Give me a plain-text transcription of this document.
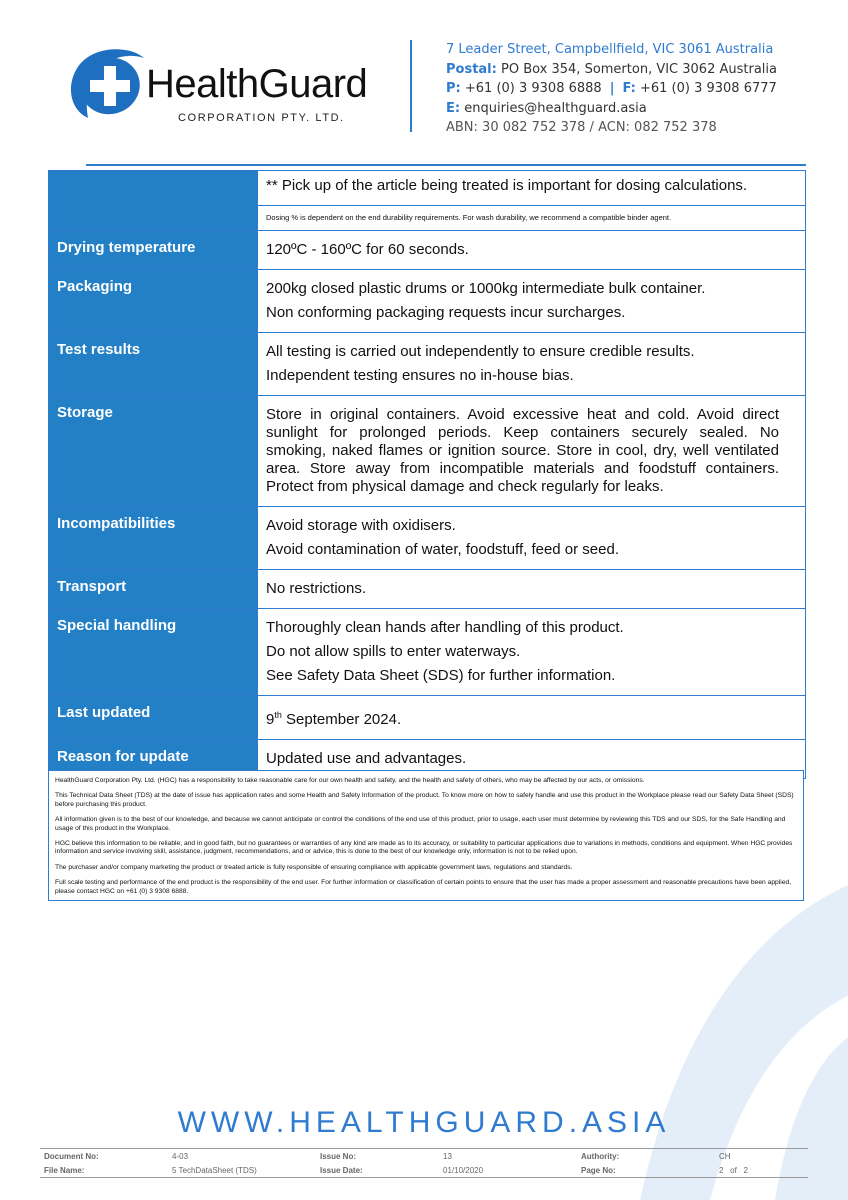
HealthGuard
CORPORATION PTY. LTD.
7 Leader Street, Campbellfield, VIC 3061 Australia
Postal: PO Box 354, Somerton, VIC 3062 Australia
P: +61 (0) 3 9308 6888 | F: +61 (0) 3 9308 6777
E: enquiries@healthguard.asia
ABN: 30 082 752 378 / ACN: 082 752 378

	** Pick up of the article being treated is important for dosing calculations.

	Dosing % is dependent on the end durability requirements. For wash durability, we recommend a compatible binder agent.

Drying temperature	120ºC - 160ºC for 60 seconds.

Packaging	200kg closed plastic drums or 1000kg intermediate bulk container.
Non conforming packaging requests incur surcharges.

Test results	All testing is carried out independently to ensure credible results.
Independent testing ensures no in-house bias.

Storage	Store in original containers. Avoid excessive heat and cold. Avoid direct sunlight for prolonged periods. Keep containers securely sealed. No smoking, naked flames or ignition source. Store in cool, dry, well ventilated area. Store away from incompatible materials and foodstuff containers. Protect from physical damage and check regularly for leaks.

Incompatibilities	Avoid storage with oxidisers.
Avoid contamination of water, foodstuff, feed or seed.

Transport	No restrictions.

Special handling	Thoroughly clean hands after handling of this product.
Do not allow spills to enter waterways.
See Safety Data Sheet (SDS) for further information.

Last updated	9th September 2024.

Reason for update	Updated use and advantages.

HealthGuard Corporation Pty. Ltd. (HGC) has a responsibility to take reasonable care for our own health and safety, and the health and safety of others, who may be affected by our acts, or omissions.

This Technical Data Sheet (TDS) at the date of issue has application rates and some Health and Safety Information of the product. To know more on how to safely handle and use this product in the Workplace please read our Safety Data Sheet (SDS) before purchasing this product.

All information given is to the best of our knowledge, and because we cannot anticipate or control the conditions of the end use of this product, prior to usage, each user must determine by reviewing this TDS and our SDS, for the Safe Handling and usage of this product in the Workplace.

HGC believe this information to be reliable, and in good faith, but no guarantees or warranties of any kind are made as to its accuracy, or suitability to particular applications due to variations in methods, conditions and equipment. When HGC provides information and service involving skill, assistance, judgment, recommendations, and or advice, this is done to the best of our knowledge only, information is not to be relied upon.

The purchaser and/or company marketing the product or treated article is fully responsible of ensuring compliance with applicable government laws, regulations and standards.

Full scale testing and performance of the end product is the responsibility of the end user. For further information or classification of certain points to ensure that the user has made a proper assessment and reasonable precautions have been applied, please contact HGC on +61 (0) 3 9308 6888.

WWW.HEALTHGUARD.ASIA
Document No:	4-03	Issue No:	13	Authority:	CH
File Name:	5 TechDataSheet (TDS)	Issue Date:	01/10/2020	Page No:	2 of 2
